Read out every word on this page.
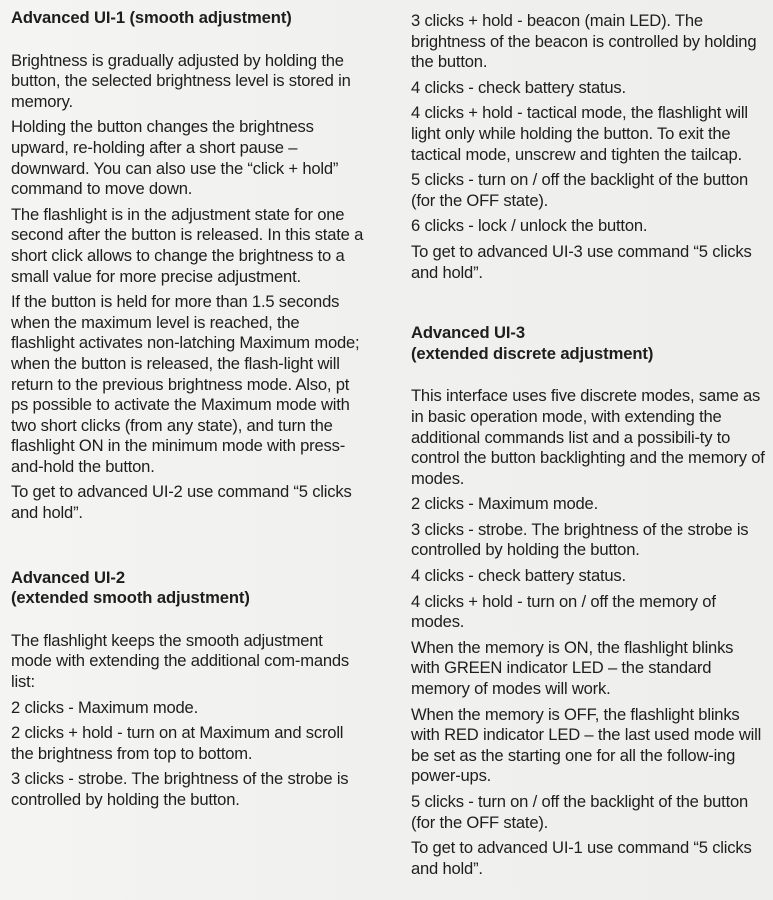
Advanced UI-1 (smooth adjustment)

Brightness is gradually adjusted by holding the button, the selected brightness level is stored in memory.

Holding the button changes the brightness upward, re-holding after a short pause – downward. You can also use the “click + hold” command to move down.

The flashlight is in the adjustment state for one second after the button is released. In this state a short click allows to change the brightness to a small value for more precise adjustment.

If the button is held for more than 1.5 seconds when the maximum level is reached, the flashlight activates non-latching Maximum mode; when the button is released, the flash-light will return to the previous brightness mode. Also, pt ps possible to activate the Maximum mode with two short clicks (from any state), and turn the flashlight ON in the minimum mode with press-and-hold the button.

To get to advanced UI-2 use command “5 clicks and hold”.

Advanced UI-2
(extended smooth adjustment)

The flashlight keeps the smooth adjustment mode with extending the additional com-mands list:

2 clicks - Maximum mode.

2 clicks + hold - turn on at Maximum and scroll the brightness from top to bottom.

3 clicks - strobe. The brightness of the strobe is controlled by holding the button.

3 clicks + hold - beacon (main LED). The brightness of the beacon is controlled by holding the button.

4 clicks - check battery status.

4 clicks + hold - tactical mode, the flashlight will light only while holding the button. To exit the tactical mode, unscrew and tighten the tailcap.

5 clicks - turn on / off the backlight of the button (for the OFF state).

6 clicks - lock / unlock the button.

To get to advanced UI-3 use command “5 clicks and hold”.

Advanced UI-3
(extended discrete adjustment)

This interface uses five discrete modes, same as in basic operation mode, with extending the additional commands list and a possibili-ty to control the button backlighting and the memory of modes.

2 clicks - Maximum mode.

3 clicks - strobe. The brightness of the strobe is controlled by holding the button.

4 clicks - check battery status.

4 clicks + hold - turn on / off the memory of modes.

When the memory is ON, the flashlight blinks with GREEN indicator LED – the standard memory of modes will work.

When the memory is OFF, the flashlight blinks with RED indicator LED – the last used mode will be set as the starting one for all the follow-ing power-ups.

5 clicks - turn on / off the backlight of the button (for the OFF state).

To get to advanced UI-1 use command “5 clicks and hold”.
